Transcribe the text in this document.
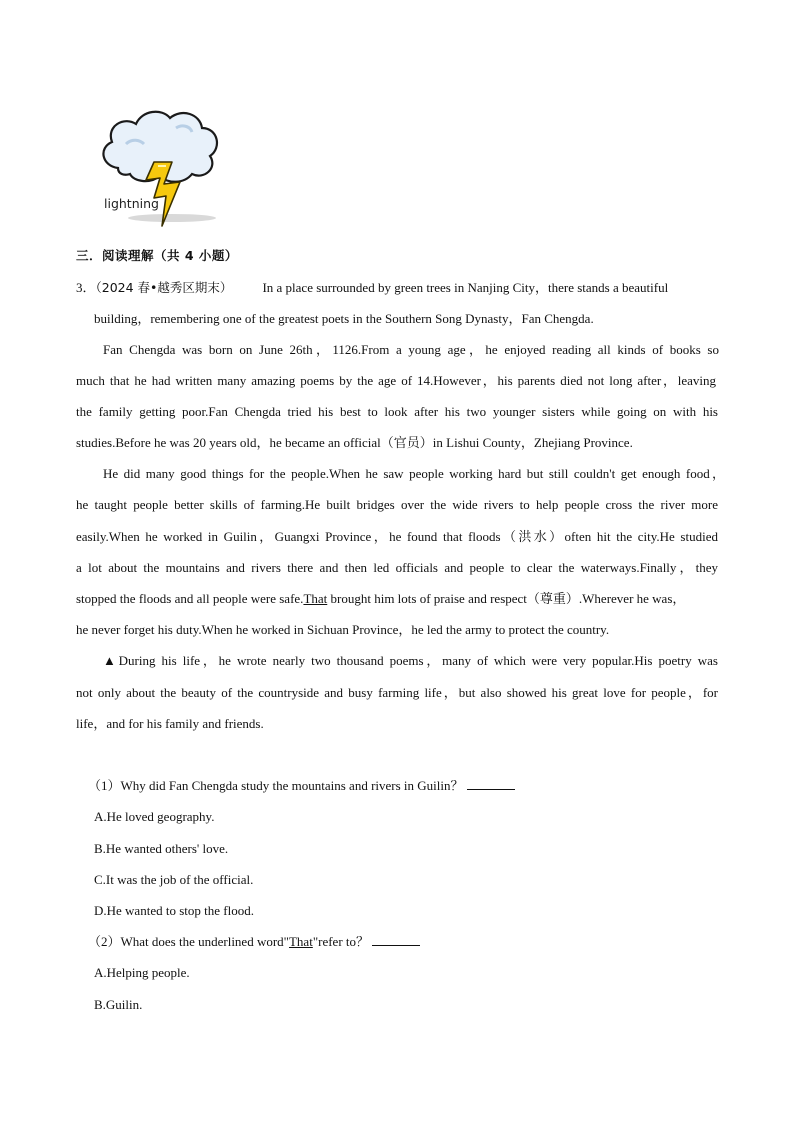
lightning
三．阅读理解（共 4 小题）
3．（2024 春•越秀区期末） In a place surrounded by green trees in Nanjing City，there stands a beautiful
building，remembering one of the greatest poets in the Southern Song Dynasty，Fan Chengda.
Fan Chengda was born on June 26th，1126.From a young age，he enjoyed reading all kinds of books so
much that he had written many amazing poems by the age of 14.However，his parents died not long after，leaving
the family getting poor.Fan Chengda tried his best to look after his two younger sisters while going on with his
studies.Before he was 20 years old，he became an official（官员）in Lishui County，Zhejiang Province.
He did many good things for the people.When he saw people working hard but still couldn't get enough food，
he taught people better skills of farming.He built bridges over the wide rivers to help people cross the river more
easily.When he worked in Guilin，Guangxi Province，he found that floods（洪水）often hit the city.He studied
a lot about the mountains and rivers there and then led officials and people to clear the waterways.Finally，they
stopped the floods and all people were safe.That brought him lots of praise and respect（尊重）.Wherever he was，
he never forget his duty.When he worked in Sichuan Province，he led the army to protect the country.
▲During his life，he wrote nearly two thousand poems，many of which were very popular.His poetry was
not only about the beauty of the countryside and busy farming life，but also showed his great love for people，for
life，and for his family and friends.
（1）Why did Fan Chengda study the mountains and rivers in Guilin？
A.He loved geography.
B.He wanted others' love.
C.It was the job of the official.
D.He wanted to stop the flood.
（2）What does the underlined word"That"refer to？
A.Helping people.
B.Guilin.
